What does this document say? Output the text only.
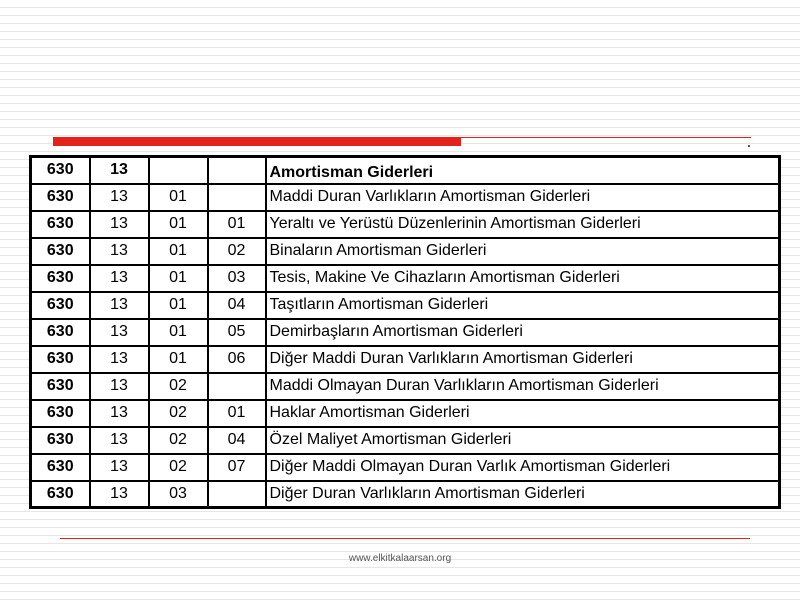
630	13			Amortisman Giderleri
630	13	01		Maddi Duran Varlıkların Amortisman Giderleri
630	13	01	01	Yeraltı ve Yerüstü Düzenlerinin Amortisman Giderleri
630	13	01	02	Binaların Amortisman Giderleri
630	13	01	03	Tesis, Makine Ve Cihazların Amortisman Giderleri
630	13	01	04	Taşıtların Amortisman Giderleri
630	13	01	05	Demirbaşların Amortisman Giderleri
630	13	01	06	Diğer Maddi Duran Varlıkların Amortisman Giderleri
630	13	02		Maddi Olmayan Duran Varlıkların Amortisman Giderleri
630	13	02	01	Haklar Amortisman Giderleri
630	13	02	04	Özel Maliyet Amortisman Giderleri
630	13	02	07	Diğer Maddi Olmayan Duran Varlık Amortisman Giderleri
630	13	03		Diğer Duran Varlıkların Amortisman Giderleri
www.elkitkalaarsan.org
